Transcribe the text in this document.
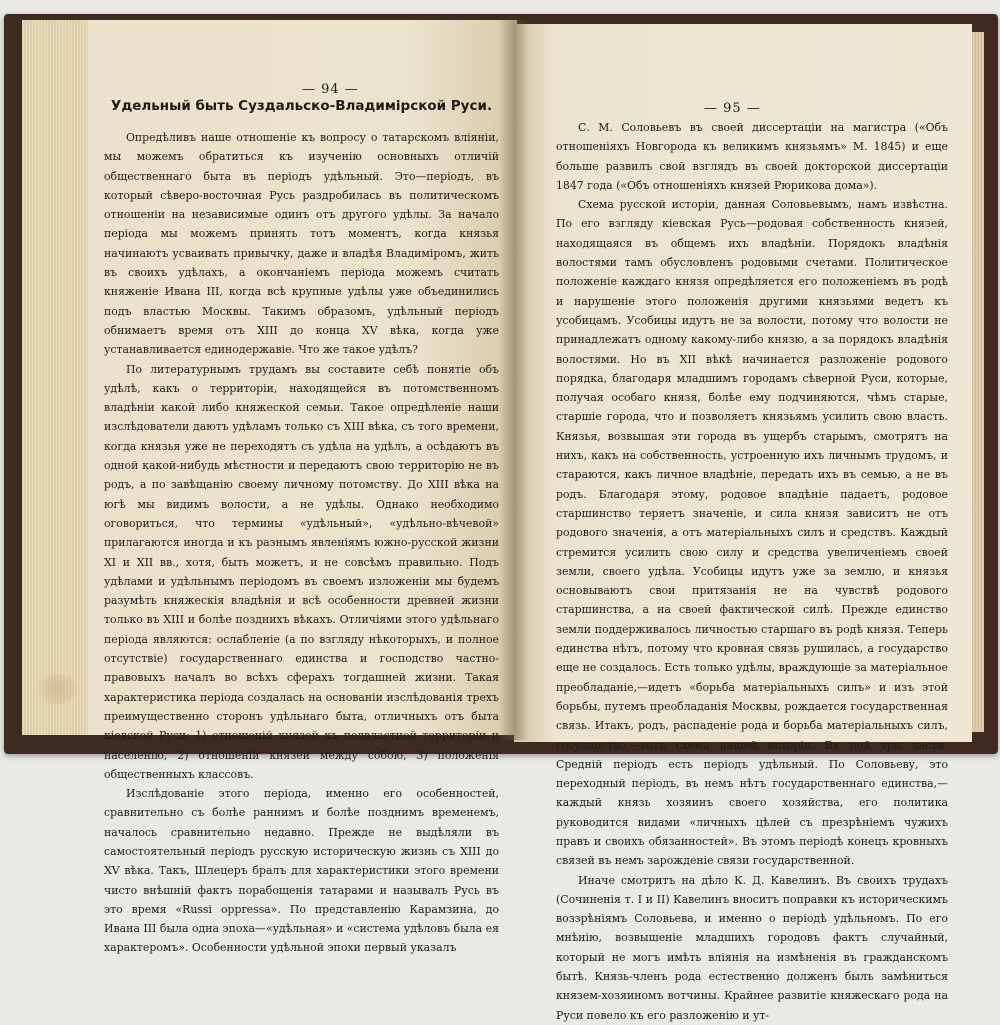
— 94 —
Удельный быть Суздальско-Владимірской Руси.

Опредѣливъ наше отношеніе къ вопросу о татарскомъ вліяніи, мы можемъ обратиться къ изученію основныхъ отличій общественнаго быта въ періодъ удѣльный. Это—періодъ, въ который сѣверо-восточная Русь раздробилась въ политическомъ отношеніи на независимые одинъ отъ другого удѣлы. За начало періода мы можемъ принять тотъ моментъ, когда князья начинаютъ усваивать привычку, даже и владѣя Владиміромъ, жить въ своихъ удѣлахъ, а окончаніемъ періода можемъ считать княженіе Ивана III, когда всѣ крупные удѣлы уже объединились подъ властью Москвы. Такимъ образомъ, удѣльный періодъ обнимаетъ время отъ XIII до конца XV вѣка, когда уже устанавливается единодержавіе. Что же такое удѣлъ?

По литературнымъ трудамъ вы составите себѣ понятіе объ удѣлѣ, какъ о территоріи, находящейся въ потомственномъ владѣніи какой либо княжеской семьи. Такое опредѣленіе наши изслѣдователи даютъ удѣламъ только съ XIII вѣка, съ того времени, когда князья уже не переходятъ съ удѣла на удѣлъ, а осѣдаютъ въ одной какой-нибудь мѣстности и передаютъ свою территорію не въ родъ, а по завѣщанію своему личному потомству. До XIII вѣка на югѣ мы видимъ волости, а не удѣлы. Однако необходимо оговориться, что термины «удѣльный», «удѣльно-вѣчевой» прилагаются иногда и къ разнымъ явленіямъ южно-русской жизни XI и XII вв., хотя, быть можетъ, и не совсѣмъ правильно. Подъ удѣлами и удѣльнымъ періодомъ въ своемъ изложеніи мы будемъ разумѣть княжескія владѣнія и всѣ особенности древней жизни только въ XIII и болѣе позднихъ вѣкахъ. Отличіями этого удѣльнаго періода являются: ослабленіе (а по взгляду нѣкоторыхъ, и полное отсутствіе) государственнаго единства и господство частно-правовыхъ началъ во всѣхъ сферахъ тогдашней жизни. Такая характеристика періода создалась на основаніи изслѣдованія трехъ преимущественно сторонъ удѣльнаго быта, отличныхъ отъ быта кіевской Руси: 1) отношеній князей къ подвластной территоріи и населенію, 2) отношеній князей между собою, 3) положенія общественныхъ классовъ.

Изслѣдованіе этого періода, именно его особенностей, сравнительно съ болѣе раннимъ и болѣе позднимъ временемъ, началось сравнительно недавно. Прежде не выдѣляли въ самостоятельный періодъ русскую историческую жизнь съ XIII до XV вѣка. Такъ, Шлецеръ бралъ для характеристики этого времени чисто внѣшній фактъ порабощенія татарами и называлъ Русь въ это время «Russi oppressa». По представленію Карамзина, до Ивана III была одна эпоха—«удѣльная» и «система удѣловъ была ея характеромъ». Особенности удѣльной эпохи первый указалъ

— 95 —

С. М. Соловьевъ въ своей диссертаціи на магистра («Объ отношеніяхъ Новгорода къ великимъ князьямъ» М. 1845) и еще больше развилъ свой взглядъ въ своей докторской диссертаціи 1847 года («Объ отношеніяхъ князей Рюрикова дома»).

Схема русской исторіи, данная Соловьевымъ, намъ извѣстна. По его взгляду кіевская Русь—родовая собственность князей, находящаяся въ общемъ ихъ владѣніи. Порядокъ владѣнія волостями тамъ обусловленъ родовыми счетами. Политическое положеніе каждаго князя опредѣляется его положеніемъ въ родѣ и нарушеніе этого положенія другими князьями ведетъ къ усобицамъ. Усобицы идутъ не за волости, потому что волости не принадлежатъ одному какому-либо князю, а за порядокъ владѣнія волостями. Но въ XII вѣкѣ начинается разложеніе родового порядка, благодаря младшимъ городамъ сѣверной Руси, которые, получая особаго князя, болѣе ему подчиняются, чѣмъ старые, старшіе города, что и позволяетъ князьямъ усилить свою власть. Князья, возвышая эти города въ ущербъ старымъ, смотрятъ на нихъ, какъ на собственность, устроенную ихъ личнымъ трудомъ, и стараются, какъ личное владѣніе, передать ихъ въ семью, а не въ родъ. Благодаря этому, родовое владѣніе падаетъ, родовое старшинство теряетъ значеніе, и сила князя зависитъ не отъ родового значенія, а отъ матеріальныхъ силъ и средствъ. Каждый стремится усилить свою силу и средства увеличеніемъ своей земли, своего удѣла. Усобицы идутъ уже за землю, и князья основываютъ свои притязанія не на чувствѣ родового старшинства, а на своей фактической силѣ. Прежде единство земли поддерживалось личностью старшаго въ родѣ князя. Теперь единства нѣтъ, потому что кровная связь рушилась, а государство еще не создалось. Есть только удѣлы, враждующіе за матеріальное преобладаніе,—идетъ «борьба матеріальныхъ силъ» и изъ этой борьбы, путемъ преобладанія Москвы, рождается государственная связь. Итакъ, родъ, распаденіе рода и борьба матеріальныхъ силъ, государство,—вотъ схема нашей исторіи. Въ ней три части. Средній періодъ есть періодъ удѣльный. По Соловьеву, это переходный періодъ, въ немъ нѣтъ государственнаго единства,—каждый князь хозяинъ своего хозяйства, его политика руководится видами «личныхъ цѣлей съ презрѣніемъ чужихъ правъ и своихъ обязанностей». Въ этомъ періодѣ конецъ кровныхъ связей въ немъ зарожденіе связи государственной.

Иначе смотритъ на дѣло К. Д. Кавелинъ. Въ своихъ трудахъ (Сочиненія т. I и II) Кавелинъ вноситъ поправки къ историческимъ воззрѣніямъ Соловьева, и именно о періодѣ удѣльномъ. По его мнѣнію, возвышеніе младшихъ городовъ фактъ случайный, который не могъ имѣть вліянія на измѣненія въ гражданскомъ бытѣ. Князь-членъ рода естественно долженъ былъ замѣниться князем-хозяиномъ вотчины. Крайнее развитіе княжескаго рода на Руси повело къ его разложенію и ут-
